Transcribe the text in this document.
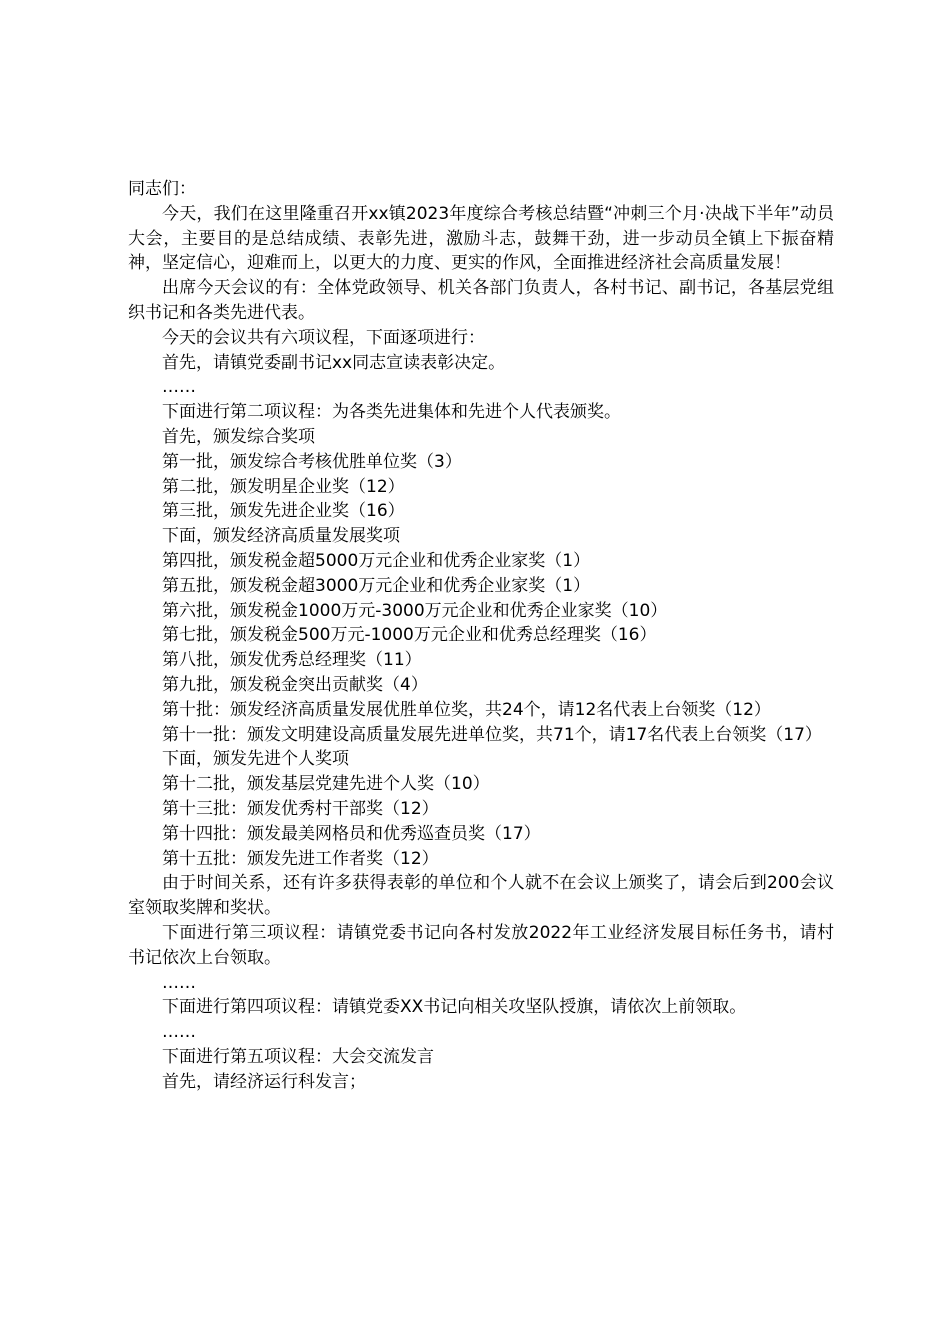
同志们：

今天，我们在这里隆重召开xx镇2023年度综合考核总结暨“冲刺三个月·决战下半年”动员大会，主要目的是总结成绩、表彰先进，激励斗志，鼓舞干劲，进一步动员全镇上下振奋精神，坚定信心，迎难而上，以更大的力度、更实的作风，全面推进经济社会高质量发展！

出席今天会议的有：全体党政领导、机关各部门负责人，各村书记、副书记，各基层党组织书记和各类先进代表。

今天的会议共有六项议程，下面逐项进行：

首先，请镇党委副书记xx同志宣读表彰决定。

……

下面进行第二项议程：为各类先进集体和先进个人代表颁奖。

首先，颁发综合奖项

第一批，颁发综合考核优胜单位奖（3）

第二批，颁发明星企业奖（12）

第三批，颁发先进企业奖（16）

下面，颁发经济高质量发展奖项

第四批，颁发税金超5000万元企业和优秀企业家奖（1）

第五批，颁发税金超3000万元企业和优秀企业家奖（1）

第六批，颁发税金1000万元-3000万元企业和优秀企业家奖（10）

第七批，颁发税金500万元-1000万元企业和优秀总经理奖（16）

第八批，颁发优秀总经理奖（11）

第九批，颁发税金突出贡献奖（4）

第十批：颁发经济高质量发展优胜单位奖，共24个，请12名代表上台领奖（12）

第十一批：颁发文明建设高质量发展先进单位奖，共71个，请17名代表上台领奖（17）

下面，颁发先进个人奖项

第十二批，颁发基层党建先进个人奖（10）

第十三批：颁发优秀村干部奖（12）

第十四批：颁发最美网格员和优秀巡查员奖（17）

第十五批：颁发先进工作者奖（12）

由于时间关系，还有许多获得表彰的单位和个人就不在会议上颁奖了，请会后到200会议室领取奖牌和奖状。

下面进行第三项议程：请镇党委书记向各村发放2022年工业经济发展目标任务书，请村书记依次上台领取。

……

下面进行第四项议程：请镇党委XX书记向相关攻坚队授旗，请依次上前领取。

……

下面进行第五项议程：大会交流发言

首先，请经济运行科发言；
